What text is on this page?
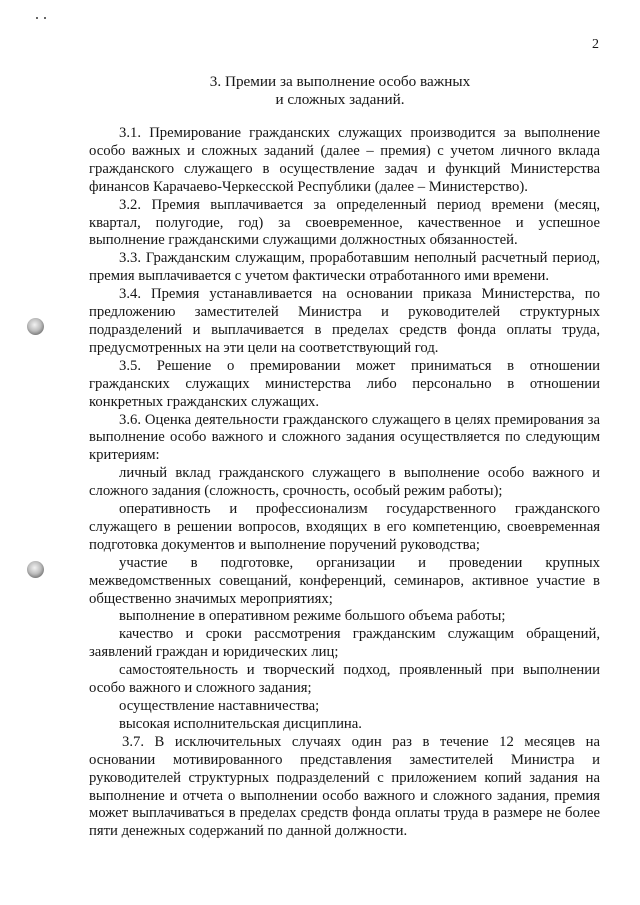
2
3. Премии за выполнение особо важных
и сложных заданий.

3.1. Премирование гражданских служащих производится за выполнение особо важных и сложных заданий (далее – премия) с учетом личного вклада гражданского служащего в осуществление задач и функций Министерства финансов Карачаево-Черкесской Республики (далее – Министерство).

3.2. Премия выплачивается за определенный период времени (месяц, квартал, полугодие, год) за своевременное, качественное и успешное выполнение гражданскими служащими должностных обязанностей.

3.3. Гражданским служащим, проработавшим неполный расчетный период, премия выплачивается с учетом фактически отработанного ими времени.

3.4. Премия устанавливается на основании приказа Министерства, по предложению заместителей Министра и руководителей структурных подразделений и выплачивается в пределах средств фонда оплаты труда, предусмотренных на эти цели на соответствующий год.

3.5. Решение о премировании может приниматься в отношении гражданских служащих министерства либо персонально в отношении конкретных гражданских служащих.

3.6. Оценка деятельности гражданского служащего в целях премирования за выполнение особо важного и сложного задания осуществляется по следующим критериям:

личный вклад гражданского служащего в выполнение особо важного и сложного задания (сложность, срочность, особый режим работы);

оперативность и профессионализм государственного гражданского служащего в решении вопросов, входящих в его компетенцию, своевременная подготовка документов и выполнение поручений руководства;

участие в подготовке, организации и проведении крупных межведомственных совещаний, конференций, семинаров, активное участие в общественно значимых мероприятиях;

выполнение в оперативном режиме большого объема работы;

качество и сроки рассмотрения гражданским служащим обращений, заявлений граждан и юридических лиц;

самостоятельность и творческий подход, проявленный при выполнении особо важного и сложного задания;

осуществление наставничества;

высокая исполнительская дисциплина.

3.7. В исключительных случаях один раз в течение 12 месяцев на основании мотивированного представления заместителей Министра и руководителей структурных подразделений с приложением копий задания на выполнение и отчета о выполнении особо важного и сложного задания, премия может выплачиваться в пределах средств фонда оплаты труда в размере не более пяти денежных содержаний по данной должности.
